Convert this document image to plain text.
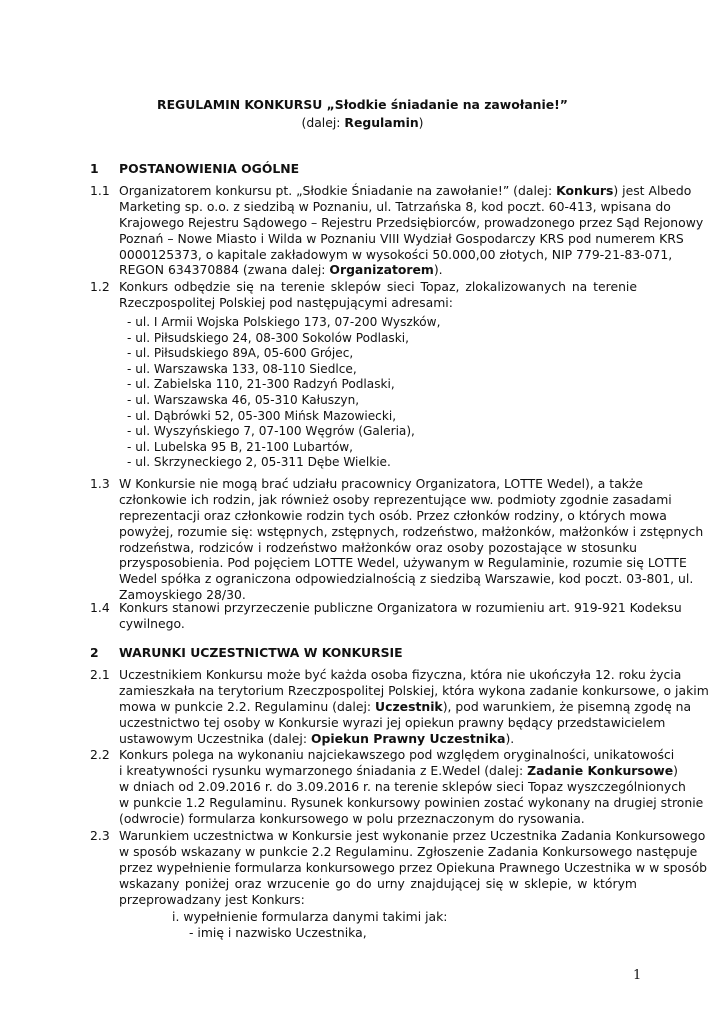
REGULAMIN KONKURSU „Słodkie śniadanie na zawołanie!”
(dalej: Regulamin)
1 POSTANOWIENIA OGÓLNE
1.1 Organizatorem konkursu pt. „Słodkie Śniadanie na zawołanie!” (dalej: Konkurs) jest Albedo
Marketing sp. o.o. z siedzibą w Poznaniu, ul. Tatrzańska 8, kod poczt. 60-413, wpisana do
Krajowego Rejestru Sądowego – Rejestru Przedsiębiorców, prowadzonego przez Sąd Rejonowy
Poznań – Nowe Miasto i Wilda w Poznaniu VIII Wydział Gospodarczy KRS pod numerem KRS
0000125373, o kapitale zakładowym w wysokości 50.000,00 złotych, NIP 779-21-83-071,
REGON 634370884 (zwana dalej: Organizatorem).
1.2 Konkurs odbędzie się na terenie sklepów sieci Topaz, zlokalizowanych na terenie
Rzeczpospolitej Polskiej pod następującymi adresami:
- ul. I Armii Wojska Polskiego 173, 07-200 Wyszków,
- ul. Piłsudskiego 24, 08-300 Sokolów Podlaski,
- ul. Piłsudskiego 89A, 05-600 Grójec,
- ul. Warszawska 133, 08-110 Siedlce,
- ul. Zabielska 110, 21-300 Radzyń Podlaski,
- ul. Warszawska 46, 05-310 Kałuszyn,
- ul. Dąbrówki 52, 05-300 Mińsk Mazowiecki,
- ul. Wyszyńskiego 7, 07-100 Węgrów (Galeria),
- ul. Lubelska 95 B, 21-100 Lubartów,
- ul. Skrzyneckiego 2, 05-311 Dębe Wielkie.
1.3 W Konkursie nie mogą brać udziału pracownicy Organizatora, LOTTE Wedel), a także
członkowie ich rodzin, jak również osoby reprezentujące ww. podmioty zgodnie zasadami
reprezentacji oraz członkowie rodzin tych osób. Przez członków rodziny, o których mowa
powyżej, rozumie się: wstępnych, zstępnych, rodzeństwo, małżonków, małżonków i zstępnych
rodzeństwa, rodziców i rodzeństwo małżonków oraz osoby pozostające w stosunku
przysposobienia. Pod pojęciem LOTTE Wedel, używanym w Regulaminie, rozumie się LOTTE
Wedel spółka z ograniczona odpowiedzialnością z siedzibą Warszawie, kod poczt. 03-801, ul.
Zamoyskiego 28/30.
1.4 Konkurs stanowi przyrzeczenie publiczne Organizatora w rozumieniu art. 919-921 Kodeksu
cywilnego.
2 WARUNKI UCZESTNICTWA W KONKURSIE
2.1 Uczestnikiem Konkursu może być każda osoba fizyczna, która nie ukończyła 12. roku życia
zamieszkała na terytorium Rzeczpospolitej Polskiej, która wykona zadanie konkursowe, o jakim
mowa w punkcie 2.2. Regulaminu (dalej: Uczestnik), pod warunkiem, że pisemną zgodę na
uczestnictwo tej osoby w Konkursie wyrazi jej opiekun prawny będący przedstawicielem
ustawowym Uczestnika (dalej: Opiekun Prawny Uczestnika).
2.2 Konkurs polega na wykonaniu najciekawszego pod względem oryginalności, unikatowości
i kreatywności rysunku wymarzonego śniadania z E.Wedel (dalej: Zadanie Konkursowe)
w dniach od 2.09.2016 r. do 3.09.2016 r. na terenie sklepów sieci Topaz wyszczególnionych
w punkcie 1.2 Regulaminu. Rysunek konkursowy powinien zostać wykonany na drugiej stronie
(odwrocie) formularza konkursowego w polu przeznaczonym do rysowania.
2.3 Warunkiem uczestnictwa w Konkursie jest wykonanie przez Uczestnika Zadania Konkursowego
w sposób wskazany w punkcie 2.2 Regulaminu. Zgłoszenie Zadania Konkursowego następuje
przez wypełnienie formularza konkursowego przez Opiekuna Prawnego Uczestnika w w sposób
wskazany poniżej oraz wrzucenie go do urny znajdującej się w sklepie, w którym
przeprowadzany jest Konkurs:
i. wypełnienie formularza danymi takimi jak:
- imię i nazwisko Uczestnika,
1
